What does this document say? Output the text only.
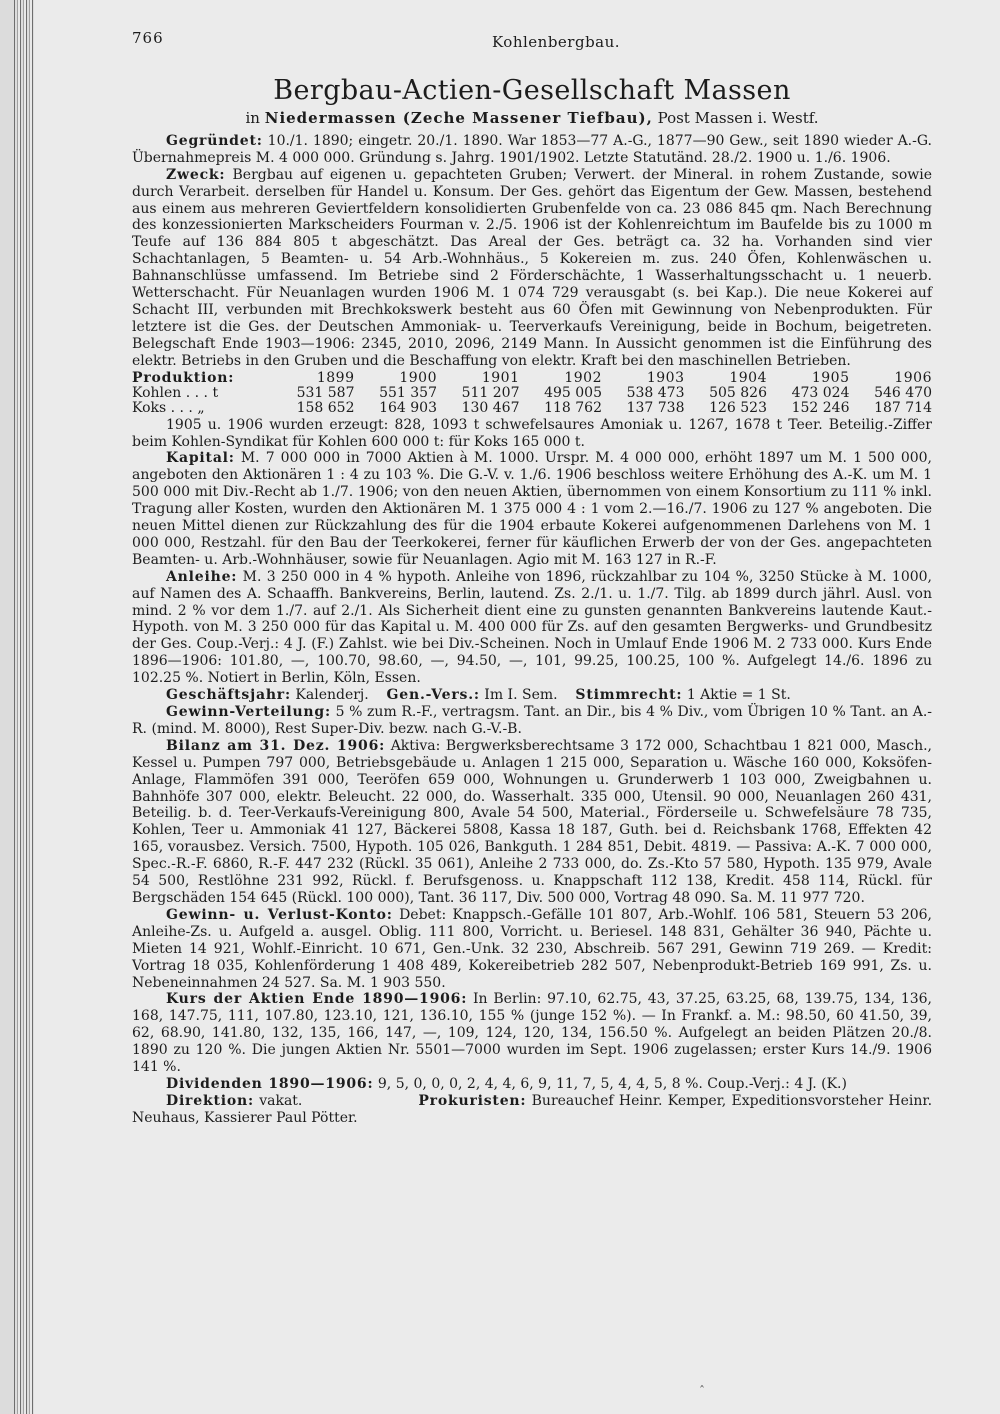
766	Kohlenbergbau.
Bergbau-Actien-Gesellschaft Massen
in Niedermassen (Zeche Massener Tiefbau), Post Massen i. Westf.

Gegründet: 10./1. 1890; eingetr. 20./1. 1890. War 1853—77 A.-G., 1877—90 Gew., seit 1890 wieder A.-G. Übernahmepreis M. 4 000 000. Gründung s. Jahrg. 1901/1902. Letzte Statutänd. 28./2. 1900 u. 1./6. 1906.

Zweck: Bergbau auf eigenen u. gepachteten Gruben; Verwert. der Mineral. in rohem Zustande, sowie durch Verarbeit. derselben für Handel u. Konsum. Der Ges. gehört das Eigentum der Gew. Massen, bestehend aus einem aus mehreren Geviertfeldern konsolidierten Grubenfelde von ca. 23 086 845 qm. Nach Berechnung des konzessionierten Markscheiders Fourman v. 2./5. 1906 ist der Kohlenreichtum im Baufelde bis zu 1000 m Teufe auf 136 884 805 t abgeschätzt. Das Areal der Ges. beträgt ca. 32 ha. Vorhanden sind vier Schachtanlagen, 5 Beamten- u. 54 Arb.-Wohnhäus., 5 Kokereien m. zus. 240 Öfen, Kohlenwäschen u. Bahnanschlüsse umfassend. Im Betriebe sind 2 Förderschächte, 1 Wasserhaltungsschacht u. 1 neuerb. Wetterschacht. Für Neuanlagen wurden 1906 M. 1 074 729 verausgabt (s. bei Kap.). Die neue Kokerei auf Schacht III, verbunden mit Brechkokswerk besteht aus 60 Öfen mit Gewinnung von Nebenprodukten. Für letztere ist die Ges. der Deutschen Ammoniak- u. Teerverkaufs Vereinigung, beide in Bochum, beigetreten. Belegschaft Ende 1903—1906: 2345, 2010, 2096, 2149 Mann. In Aussicht genommen ist die Einführung des elektr. Betriebs in den Gruben und die Beschaffung von elektr. Kraft bei den maschinellen Betrieben.

Produktion:	1899	1900	1901	1902	1903	1904	1905	1906
Kohlen . . . t	531 587	551 357	511 207	495 005	538 473	505 826	473 024	546 470
Koks . . . „	158 652	164 903	130 467	118 762	137 738	126 523	152 246	187 714

1905 u. 1906 wurden erzeugt: 828, 1093 t schwefelsaures Amoniak u. 1267, 1678 t Teer. Beteilig.-Ziffer beim Kohlen-Syndikat für Kohlen 600 000 t: für Koks 165 000 t.

Kapital: M. 7 000 000 in 7000 Aktien à M. 1000. Urspr. M. 4 000 000, erhöht 1897 um M. 1 500 000, angeboten den Aktionären 1 : 4 zu 103 %. Die G.-V. v. 1./6. 1906 beschloss weitere Erhöhung des A.-K. um M. 1 500 000 mit Div.-Recht ab 1./7. 1906; von den neuen Aktien, übernommen von einem Konsortium zu 111 % inkl. Tragung aller Kosten, wurden den Aktionären M. 1 375 000 4 : 1 vom 2.—16./7. 1906 zu 127 % angeboten. Die neuen Mittel dienen zur Rückzahlung des für die 1904 erbaute Kokerei aufgenommenen Darlehens von M. 1 000 000, Restzahl. für den Bau der Teerkokerei, ferner für käuflichen Erwerb der von der Ges. angepachteten Beamten- u. Arb.-Wohnhäuser, sowie für Neuanlagen. Agio mit M. 163 127 in R.-F.

Anleihe: M. 3 250 000 in 4 % hypoth. Anleihe von 1896, rückzahlbar zu 104 %, 3250 Stücke à M. 1000, auf Namen des A. Schaaffh. Bankvereins, Berlin, lautend. Zs. 2./1. u. 1./7. Tilg. ab 1899 durch jährl. Ausl. von mind. 2 % vor dem 1./7. auf 2./1. Als Sicherheit dient eine zu gunsten genannten Bankvereins lautende Kaut.-Hypoth. von M. 3 250 000 für das Kapital u. M. 400 000 für Zs. auf den gesamten Bergwerks- und Grundbesitz der Ges. Coup.-Verj.: 4 J. (F.) Zahlst. wie bei Div.-Scheinen. Noch in Umlauf Ende 1906 M. 2 733 000. Kurs Ende 1896—1906: 101.80, —, 100.70, 98.60, —, 94.50, —, 101, 99.25, 100.25, 100 %. Aufgelegt 14./6. 1896 zu 102.25 %. Notiert in Berlin, Köln, Essen.

Geschäftsjahr: Kalenderj. Gen.-Vers.: Im I. Sem. Stimmrecht: 1 Aktie = 1 St.

Gewinn-Verteilung: 5 % zum R.-F., vertragsm. Tant. an Dir., bis 4 % Div., vom Übrigen 10 % Tant. an A.-R. (mind. M. 8000), Rest Super-Div. bezw. nach G.-V.-B.

Bilanz am 31. Dez. 1906: Aktiva: Bergwerksberechtsame 3 172 000, Schachtbau 1 821 000, Masch., Kessel u. Pumpen 797 000, Betriebsgebäude u. Anlagen 1 215 000, Separation u. Wäsche 160 000, Koksöfen-Anlage, Flammöfen 391 000, Teeröfen 659 000, Wohnungen u. Grunderwerb 1 103 000, Zweigbahnen u. Bahnhöfe 307 000, elektr. Beleucht. 22 000, do. Wasserhalt. 335 000, Utensil. 90 000, Neuanlagen 260 431, Beteilig. b. d. Teer-Verkaufs-Vereinigung 800, Avale 54 500, Material., Förderseile u. Schwefelsäure 78 735, Kohlen, Teer u. Ammoniak 41 127, Bäckerei 5808, Kassa 18 187, Guth. bei d. Reichsbank 1768, Effekten 42 165, vorausbez. Versich. 7500, Hypoth. 105 026, Bankguth. 1 284 851, Debit. 4819. — Passiva: A.-K. 7 000 000, Spec.-R.-F. 6860, R.-F. 447 232 (Rückl. 35 061), Anleihe 2 733 000, do. Zs.-Kto 57 580, Hypoth. 135 979, Avale 54 500, Restlöhne 231 992, Rückl. f. Berufsgenoss. u. Knappschaft 112 138, Kredit. 458 114, Rückl. für Bergschäden 154 645 (Rückl. 100 000), Tant. 36 117, Div. 500 000, Vortrag 48 090. Sa. M. 11 977 720.

Gewinn- u. Verlust-Konto: Debet: Knappsch.-Gefälle 101 807, Arb.-Wohlf. 106 581, Steuern 53 206, Anleihe-Zs. u. Aufgeld a. ausgel. Oblig. 111 800, Vorricht. u. Beriesel. 148 831, Gehälter 36 940, Pächte u. Mieten 14 921, Wohlf.-Einricht. 10 671, Gen.-Unk. 32 230, Abschreib. 567 291, Gewinn 719 269. — Kredit: Vortrag 18 035, Kohlenförderung 1 408 489, Kokereibetrieb 282 507, Nebenprodukt-Betrieb 169 991, Zs. u. Nebeneinnahmen 24 527. Sa. M. 1 903 550.

Kurs der Aktien Ende 1890—1906: In Berlin: 97.10, 62.75, 43, 37.25, 63.25, 68, 139.75, 134, 136, 168, 147.75, 111, 107.80, 123.10, 121, 136.10, 155 % (junge 152 %). — In Frankf. a. M.: 98.50, 60 41.50, 39, 62, 68.90, 141.80, 132, 135, 166, 147, —, 109, 124, 120, 134, 156.50 %. Aufgelegt an beiden Plätzen 20./8. 1890 zu 120 %. Die jungen Aktien Nr. 5501—7000 wurden im Sept. 1906 zugelassen; erster Kurs 14./9. 1906 141 %.

Dividenden 1890—1906: 9, 5, 0, 0, 0, 2, 4, 4, 6, 9, 11, 7, 5, 4, 4, 5, 8 %. Coup.-Verj.: 4 J. (K.)

Direktion: vakat.	Prokuristen: Bureauchef Heinr. Kemper, Expeditionsvorsteher Heinr. Neuhaus, Kassierer Paul Pötter.

ˆ
